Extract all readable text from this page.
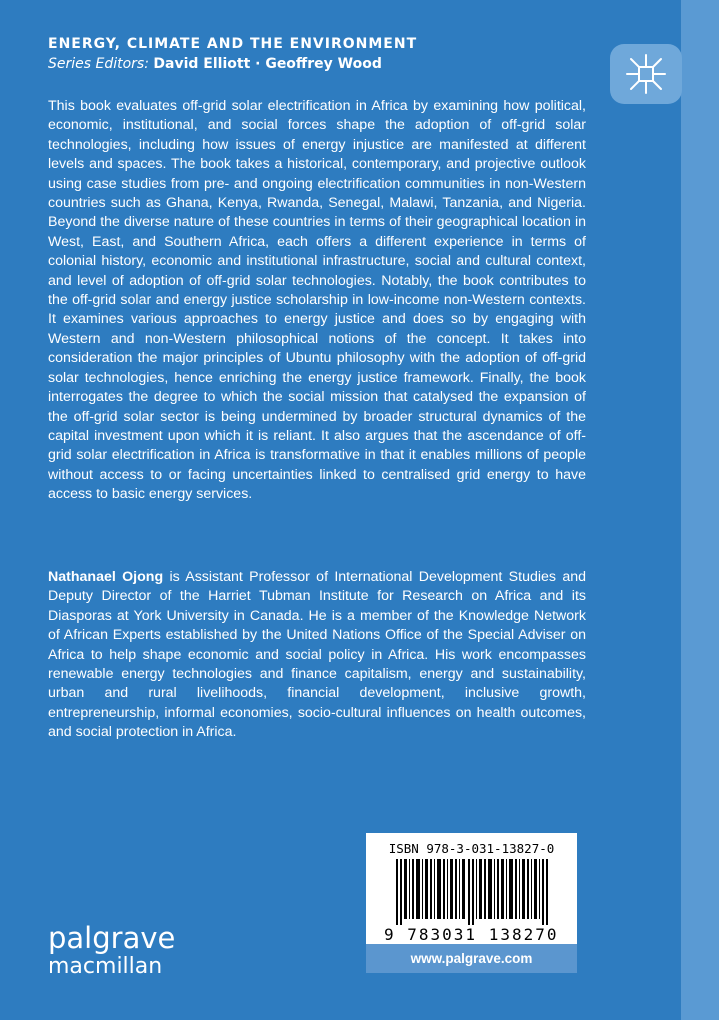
ENERGY, CLIMATE AND THE ENVIRONMENT
Series Editors: David Elliott · Geoffrey Wood

This book evaluates off-grid solar electrification in Africa by examining how political, economic, institutional, and social forces shape the adoption of off-grid solar technologies, including how issues of energy injustice are manifested at different levels and spaces. The book takes a historical, contemporary, and projective outlook using case studies from pre- and ongoing electrification communities in non-Western countries such as Ghana, Kenya, Rwanda, Senegal, Malawi, Tanzania, and Nigeria. Beyond the diverse nature of these countries in terms of their geographical location in West, East, and Southern Africa, each offers a different experience in terms of colonial history, economic and institutional infrastructure, social and cultural context, and level of adoption of off-grid solar technologies. Notably, the book contributes to the off-grid solar and energy justice scholarship in low-income non-Western contexts. It examines various approaches to energy justice and does so by engaging with Western and non-Western philosophical notions of the concept. It takes into consideration the major principles of Ubuntu philosophy with the adoption of off-grid solar technologies, hence enriching the energy justice framework. Finally, the book interrogates the degree to which the social mission that catalysed the expansion of the off-grid solar sector is being undermined by broader structural dynamics of the capital investment upon which it is reliant. It also argues that the ascendance of off-grid solar electrification in Africa is transformative in that it enables millions of people without access to or facing uncertainties linked to centralised grid energy to have access to basic energy services.

Nathanael Ojong is Assistant Professor of International Development Studies and Deputy Director of the Harriet Tubman Institute for Research on Africa and its Diasporas at York University in Canada. He is a member of the Knowledge Network of African Experts established by the United Nations Office of the Special Adviser on Africa to help shape economic and social policy in Africa. His work encompasses renewable energy technologies and finance capitalism, energy and sustainability, urban and rural livelihoods, financial development, inclusive growth, entrepreneurship, informal economies, socio-cultural influences on health outcomes, and social protection in Africa.

ISBN 978-3-031-13827-0
9 783031 138270
www.palgrave.com
palgrave
macmillan
